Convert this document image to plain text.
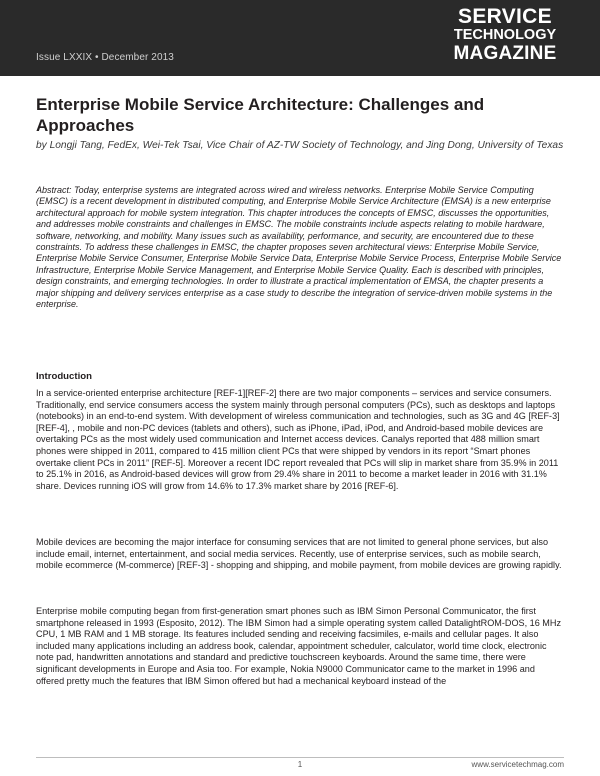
Issue LXXIX • December 2013
SERVICE
TECHNOLOGY
MAGAZINE
Enterprise Mobile Service Architecture: Challenges and Approaches
by Longji Tang, FedEx, Wei-Tek Tsai, Vice Chair of AZ-TW Society of Technology, and Jing Dong, University of Texas
Abstract: Today, enterprise systems are integrated across wired and wireless networks. Enterprise Mobile Service Computing (EMSC) is a recent development in distributed computing, and Enterprise Mobile Service Architecture (EMSA) is a new enterprise architectural approach for mobile system integration. This chapter introduces the concepts of EMSC, discusses the opportunities, and addresses mobile constraints and challenges in EMSC. The mobile constraints include aspects relating to mobile hardware, software, networking, and mobility. Many issues such as availability, performance, and security, are encountered due to these constraints. To address these challenges in EMSC, the chapter proposes seven architectural views: Enterprise Mobile Service, Enterprise Mobile Service Consumer, Enterprise Mobile Service Data, Enterprise Mobile Service Process, Enterprise Mobile Service Infrastructure, Enterprise Mobile Service Management, and Enterprise Mobile Service Quality. Each is described with principles, design constraints, and emerging technologies. In order to illustrate a practical implementation of EMSA, the chapter presents a major shipping and delivery services enterprise as a case study to describe the integration of service-driven mobile systems in the enterprise.
Introduction

In a service-oriented enterprise architecture [REF-1][REF-2] there are two major components – services and service consumers. Traditionally, end service consumers access the system mainly through personal computers (PCs), such as desktops and laptops (notebooks) in an end-to-end system. With development of wireless communication and technologies, such as 3G and 4G [REF-3][REF-4], , mobile and non-PC devices (tablets and others), such as iPhone, iPad, iPod, and Android-based mobile devices are overtaking PCs as the most widely used communication and Internet access devices. Canalys reported that 488 million smart phones were shipped in 2011, compared to 415 million client PCs that were shipped by vendors in its report “Smart phones overtake client PCs in 2011” [REF-5]. Moreover a recent IDC report revealed that PCs will slip in market share from 35.9% in 2011 to 25.1% in 2016, as Android-based devices will grow from 29.4% share in 2011 to become a market leader in 2016 with 31.1% share. Devices running iOS will grow from 14.6% to 17.3% market share by 2016 [REF-6].

Mobile devices are becoming the major interface for consuming services that are not limited to general phone services, but also include email, internet, entertainment, and social media services. Recently, use of enterprise services, such as mobile search, mobile ecommerce (M-commerce) [REF-3] - shopping and shipping, and mobile payment, from mobile devices are growing rapidly.

Enterprise mobile computing began from first-generation smart phones such as IBM Simon Personal Communicator, the first smartphone released in 1993 (Esposito, 2012). The IBM Simon had a simple operating system called DatalightROM-DOS, 16 MHz CPU, 1 MB RAM and 1 MB storage. Its features included sending and receiving facsimiles, e-mails and cellular pages. It also included many applications including an address book, calendar, appointment scheduler, calculator, world time clock, electronic note pad, handwritten annotations and standard and predictive touchscreen keyboards. Around the same time, there were significant developments in Europe and Asia too. For example, Nokia N9000 Communicator came to the market in 1996 and offered pretty much the features that IBM Simon offered but had a mechanical keyboard instead of the

1	www.servicetechmag.com
